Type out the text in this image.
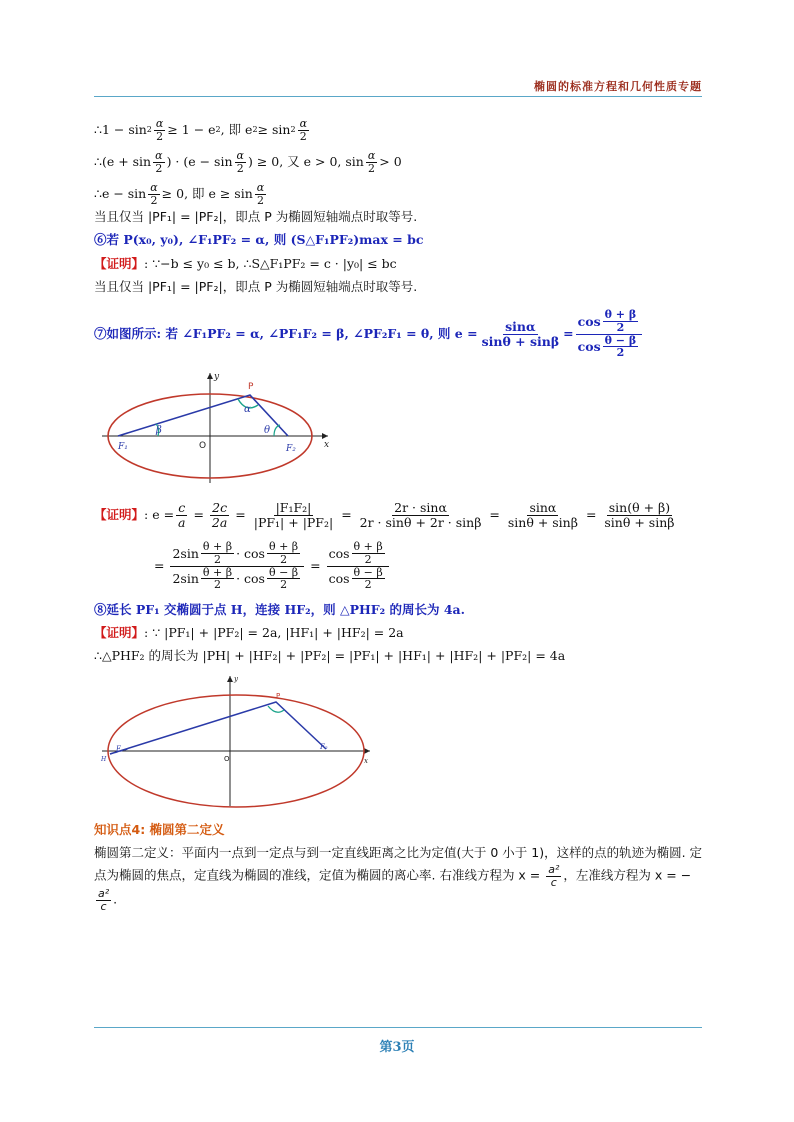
椭圆的标准方程和几何性质专题
∴1 − $\sin 2 \frac{\alpha}{2} \ge 1 - e$ 2 , 即 e $2 \ge \sin 2 \frac{\alpha}{2}$
∴(e + $\sin \frac{\alpha}{2}$ ) · ($e - \sin \frac{\alpha}{2}$ ) ≥ 0, 又 e > 0, $\sin \frac{\alpha}{2} > 0$
∴e − $\sin \frac{\alpha}{2} \ge 0$, 即 $e \ge \sin \frac{\alpha}{2}$
当且仅当 |PF₁| = |PF₂|，即点 P 为椭圆短轴端点时取等号.
⑥若 P(x₀, y₀), ∠F₁PF₂ = α, 则 (S△F₁PF₂)max = bc
【证明】 : ∵−b ≤ y₀ ≤ b, ∴S△F₁PF₂ = c · |y₀| ≤ bc
当且仅当 |PF₁| = |PF₂|，即点 P 为椭圆短轴端点时取等号.
⑦如图所示: 若 ∠F₁PF₂ = α, ∠PF₁F₂ = β, ∠PF₂F₁ = θ, 则 $e = \frac{\sin\alpha}{\sin\theta + \sin\beta} = \frac{\cos \frac{\theta + \beta}{2}}{\cos \frac{\theta - \beta}{2}}$
P
O
F₁	F₂	x
y
α
β	θ
【证明】 : $e = \frac{c}{a} = \frac{2c}{2a} = \frac{\text{|F₁F₂|}}{\text{|PF₁| + |PF₂|}} = \frac{2r \cdot \sin\alpha}{2r \cdot \sin\theta + 2r \cdot \sin\beta} = \frac{\sin\alpha}{\sin\theta + \sin\beta} = \frac{\sin(\theta + \beta)}{\sin\theta + \sin\beta}$
= $\frac{2\sin \frac{\theta + \beta}{2} \cdot \cos \frac{\theta + \beta}{2}}{2\sin \frac{\theta + \beta}{2} \cdot \cos \frac{\theta - \beta}{2}} = \frac{\cos \frac{\theta + \beta}{2}}{\cos \frac{\theta - \beta}{2}}$
⑧延长 PF₁ 交椭圆于点 H，连接 HF₂，则 △PHF₂ 的周长为 4a.
【证明】 : ∵ |PF₁| + |PF₂| = 2a, |HF₁| + |HF₂| = 2a
∴△PHF₂ 的周长为 |PH| + |HF₂| + |PF₂| = |PF₁| + |HF₁| + |HF₂| + |PF₂| = 4a
P
O
F	F₂
H	x
y
知识点4: 椭圆第二定义
椭圆第二定义：平面内一点到一定点与到一定直线距离之比为定值(大于 0 小于 1)，这样的点的轨迹为椭圆. 定点为椭圆的焦点，定直线为椭圆的准线，定值为椭圆的离心率. 右准线方程为 $x = \frac{\text{a²}}{c}$ ，左准线方程为 x = −
$\frac{\text{a²}}{c}$ .
第3页
